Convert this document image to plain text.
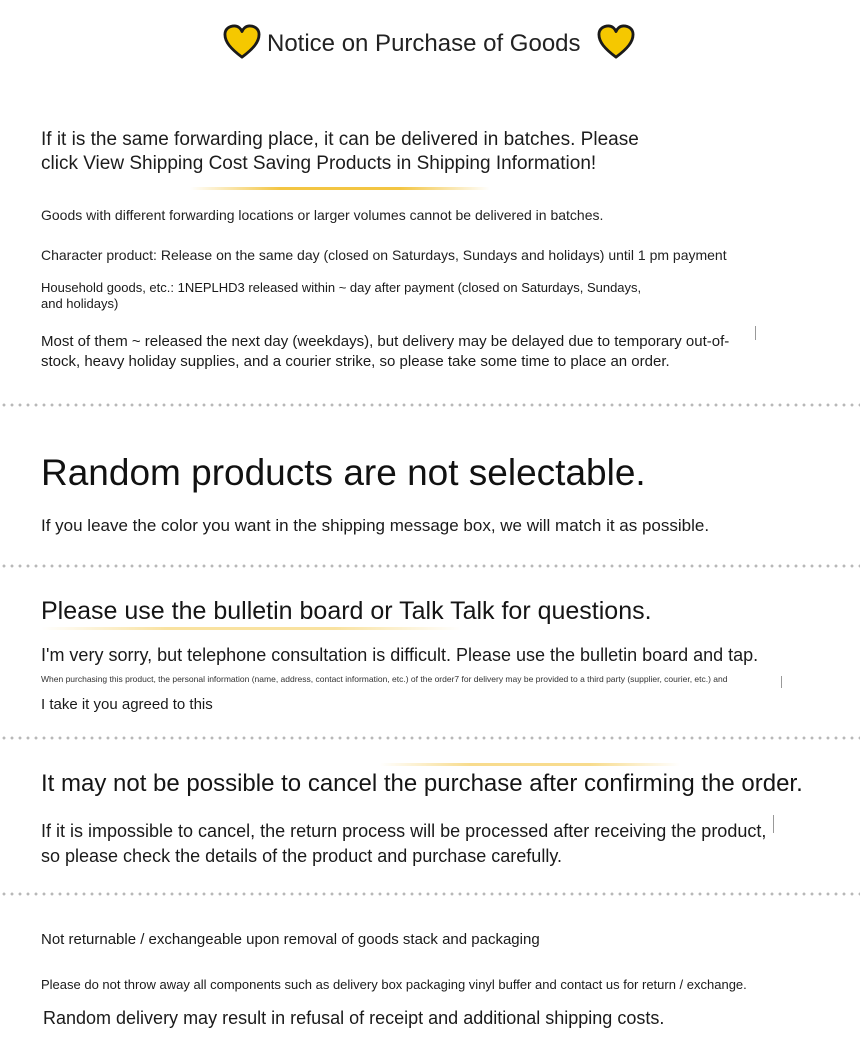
Notice on Purchase of Goods
If it is the same forwarding place, it can be delivered in batches. Please click View Shipping Cost Saving Products in Shipping Information!
Goods with different forwarding locations or larger volumes cannot be delivered in batches.
Character product: Release on the same day (closed on Saturdays, Sundays and holidays) until 1 pm payment
Household goods, etc.: 1NEPLHD3 released within ~ day after payment (closed on Saturdays, Sundays, and holidays)
Most of them ~ released the next day (weekdays), but delivery may be delayed due to temporary out-of-stock, heavy holiday supplies, and a courier strike, so please take some time to place an order.
Random products are not selectable.
If you leave the color you want in the shipping message box, we will match it as possible.
Please use the bulletin board or Talk Talk for questions.
I'm very sorry, but telephone consultation is difficult. Please use the bulletin board and tap.
When purchasing this product, the personal information (name, address, contact information, etc.) of the order7 for delivery may be provided to a third party (supplier, courier, etc.) and
I take it you agreed to this
It may not be possible to cancel the purchase after confirming the order.
If it is impossible to cancel, the return process will be processed after receiving the product, so please check the details of the product and purchase carefully.
Not returnable / exchangeable upon removal of goods stack and packaging
Please do not throw away all components such as delivery box packaging vinyl buffer and contact us for return / exchange.
Random delivery may result in refusal of receipt and additional shipping costs.
